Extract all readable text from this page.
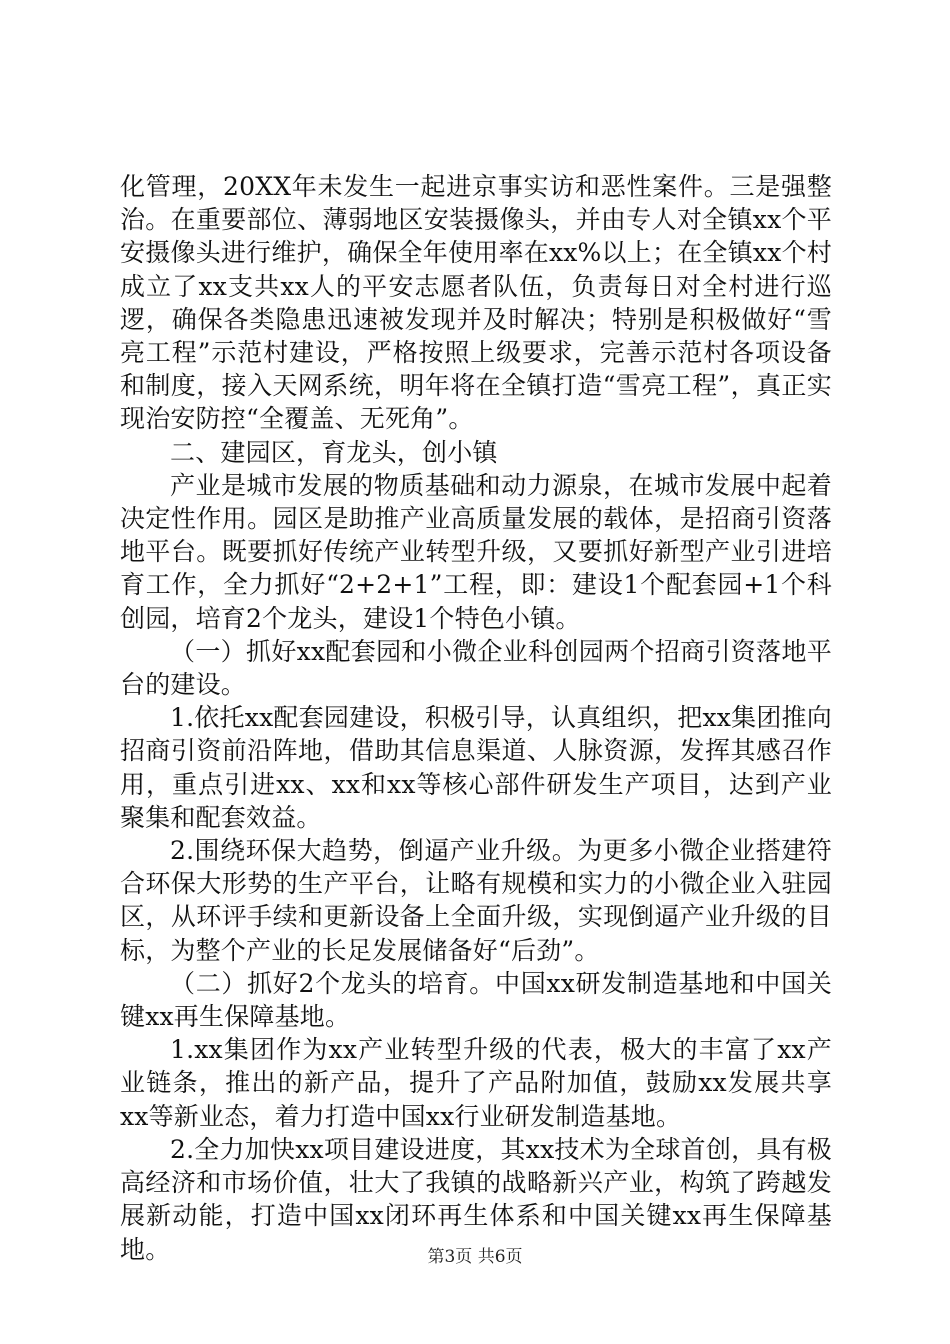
化管理，20XX年未发生一起进京事实访和恶性案件。三是强整治。在重要部位、薄弱地区安装摄像头，并由专人对全镇xx个平安摄像头进行维护，确保全年使用率在xx%以上；在全镇xx个村成立了xx支共xx人的平安志愿者队伍，负责每日对全村进行巡逻，确保各类隐患迅速被发现并及时解决；特别是积极做好“雪亮工程”示范村建设，严格按照上级要求，完善示范村各项设备和制度，接入天网系统，明年将在全镇打造“雪亮工程”，真正实现治安防控“全覆盖、无死角”。

二、建园区，育龙头，创小镇

产业是城市发展的物质基础和动力源泉，在城市发展中起着决定性作用。园区是助推产业高质量发展的载体，是招商引资落地平台。既要抓好传统产业转型升级，又要抓好新型产业引进培育工作，全力抓好“2+2+1”工程，即：建设1个配套园+1个科创园，培育2个龙头，建设1个特色小镇。

（一）抓好xx配套园和小微企业科创园两个招商引资落地平台的建设。

1.依托xx配套园建设，积极引导，认真组织，把xx集团推向招商引资前沿阵地，借助其信息渠道、人脉资源，发挥其感召作用，重点引进xx、xx和xx等核心部件研发生产项目，达到产业聚集和配套效益。

2.围绕环保大趋势，倒逼产业升级。为更多小微企业搭建符合环保大形势的生产平台，让略有规模和实力的小微企业入驻园区，从环评手续和更新设备上全面升级，实现倒逼产业升级的目标，为整个产业的长足发展储备好“后劲”。

（二）抓好2个龙头的培育。中国xx研发制造基地和中国关键xx再生保障基地。

1.xx集团作为xx产业转型升级的代表，极大的丰富了xx产业链条，推出的新产品，提升了产品附加值，鼓励xx发展共享xx等新业态，着力打造中国xx行业研发制造基地。

2.全力加快xx项目建设进度，其xx技术为全球首创，具有极高经济和市场价值，壮大了我镇的战略新兴产业，构筑了跨越发展新动能，打造中国xx闭环再生体系和中国关键xx再生保障基地。	第3页 共6页
